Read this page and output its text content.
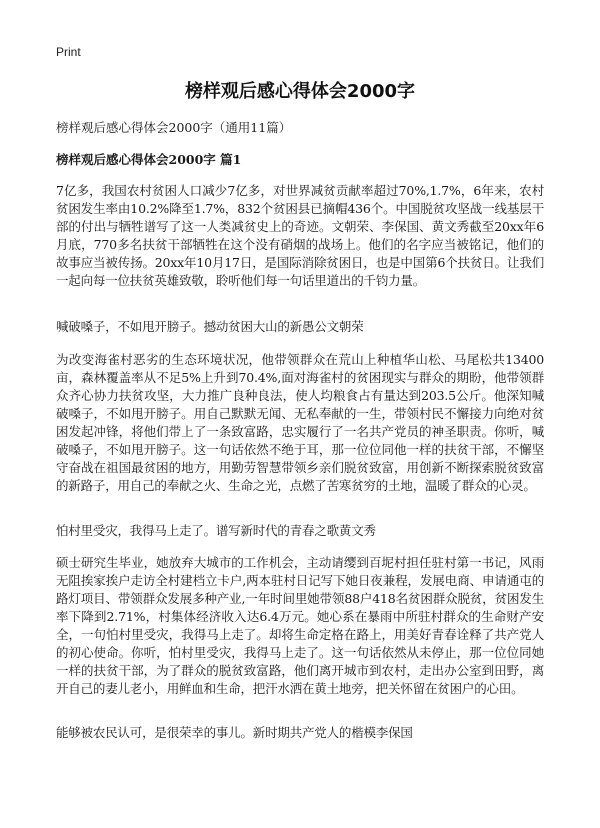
Print
榜样观后感心得体会2000字
榜样观后感心得体会2000字（通用11篇）
榜样观后感心得体会2000字 篇1

7亿多，我国农村贫困人口减少7亿多，对世界减贫贡献率超过70%,1.7%，6年来，农村贫困发生率由10.2%降至1.7%，832个贫困县已摘帽436个。中国脱贫攻坚战一线基层干部的付出与牺牲谱写了这一人类减贫史上的奇迹。文朝荣、李保国、黄文秀截至20xx年6月底，770多名扶贫干部牺牲在这个没有硝烟的战场上。他们的名字应当被铭记，他们的故事应当被传扬。20xx年10月17日，是国际消除贫困日，也是中国第6个扶贫日。让我们一起向每一位扶贫英雄致敬，聆听他们每一句话里道出的千钧力量。

喊破嗓子，不如甩开膀子。撼动贫困大山的新愚公文朝荣

为改变海雀村恶劣的生态环境状况，他带领群众在荒山上种植华山松、马尾松共13400亩，森林覆盖率从不足5%上升到70.4%,面对海雀村的贫困现实与群众的期盼，他带领群众齐心协力扶贫攻坚，大力推广良种良法，使人均粮食占有量达到203.5公斤。他深知喊破嗓子，不如甩开膀子。用自己默默无闻、无私奉献的一生，带领村民不懈接力向绝对贫困发起冲锋，将他们带上了一条致富路，忠实履行了一名共产党员的神圣职责。你听，喊破嗓子，不如甩开膀子。这一句话依然不绝于耳，那一位位同他一样的扶贫干部，不懈坚守奋战在祖国最贫困的地方，用勤劳智慧带领乡亲们脱贫致富，用创新不断探索脱贫致富的新路子，用自己的奉献之火、生命之光，点燃了苦寒贫穷的土地，温暖了群众的心灵。

怕村里受灾，我得马上走了。谱写新时代的青春之歌黄文秀

硕士研究生毕业，她放弃大城市的工作机会，主动请缨到百坭村担任驻村第一书记，风雨无阻挨家挨户走访全村建档立卡户,两本驻村日记写下她日夜兼程，发展电商、申请通屯的路灯项目、带领群众发展多种产业,一年时间里她带领88户418名贫困群众脱贫，贫困发生率下降到2.71%，村集体经济收入达6.4万元。她心系在暴雨中所驻村群众的生命财产安全，一句怕村里受灾，我得马上走了。却将生命定格在路上，用美好青春诠释了共产党人的初心使命。你听，怕村里受灾，我得马上走了。这一句话依然从未停止，那一位位同她一样的扶贫干部，为了群众的脱贫致富路，他们离开城市到农村，走出办公室到田野，离开自己的妻儿老小，用鲜血和生命，把汗水洒在黄土地旁，把关怀留在贫困户的心田。

能够被农民认可，是很荣幸的事儿。新时期共产党人的楷模李保国
